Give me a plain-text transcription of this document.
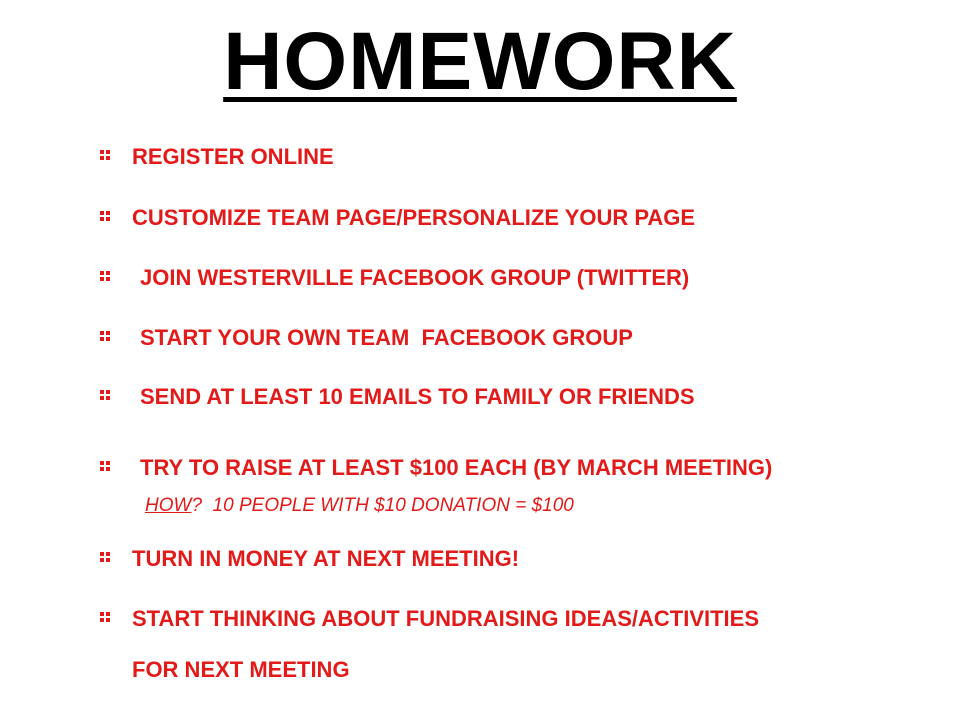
HOMEWORK
REGISTER ONLINE
CUSTOMIZE TEAM PAGE/PERSONALIZE YOUR PAGE
JOIN WESTERVILLE FACEBOOK GROUP (TWITTER)
START YOUR OWN TEAM  FACEBOOK GROUP
SEND AT LEAST 10 EMAILS TO FAMILY OR FRIENDS
TRY TO RAISE AT LEAST $100 EACH (BY MARCH MEETING)
HOW?  10 PEOPLE WITH $10 DONATION = $100
TURN IN MONEY AT NEXT MEETING!
START THINKING ABOUT FUNDRAISING IDEAS/ACTIVITIES
FOR NEXT MEETING
